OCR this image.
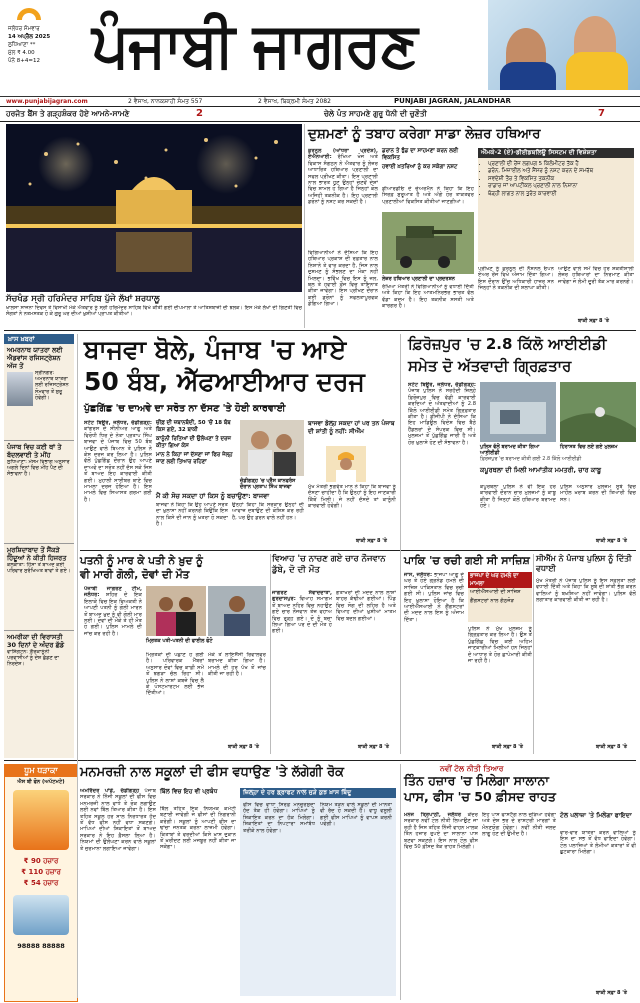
ਜਲੰਧਰ ਸੋਮਵਾਰ
14 ਅਪ੍ਰੈਲ 2025
ਲੁਧਿਆਣਾ **
ਮੁੱਲ ₹ 4.00
ਪੰਨੇ 8+4=12 ਪੰਜਾਬੀ ਜਾਗਰਣ
www.punjabijagran.com	2 ਵੈਸਾਖ, ਨਾਨਕਸ਼ਾਹੀ ਸੰਮਤ 557	2 ਵੈਸਾਖ, ਬਿਕ੍ਰਮੀ ਸੰਮਤ 2082	PUNJABI JAGRAN, JALANDHAR
ਹਰਜੋਤ ਬੈਂਸ ਤੇ ਗੜ੍ਹਸ਼ੰਕਰ ਹੋਏ ਆਮਨੇ-ਸਾਮਣੇ	2	ਚੇਲੇ ਪੰਤ ਸਾਹਮਣੇ ਗੁਰੂ ਧੋਨੀ ਦੀ ਚੁਣੌਤੀ	7
ਸੱਚਖੰਡ ਸ੍ਰੀ ਹਰਿਮੰਦਰ ਸਾਹਿਬ ਪੁੱਜੇ ਲੱਖਾਂ ਸ਼ਰਧਾਲੂ
ਖ਼ਾਲਸਾ ਸਾਜਨਾ ਦਿਵਸ ਤੇ ਵਿਸਾਖੀ ਮੌਕੇ ਐਤਵਾਰ ਨੂੰ ਸ੍ਰੀ ਹਰਿਮੰਦਰ ਸਾਹਿਬ ਵਿਖੇ ਕੀਤੀ ਗਈ ਦੀਪਮਾਲਾ ਤੇ ਆਤਿਸ਼ਬਾਜ਼ੀ ਦੀ ਝਲਕ। ਇਸ ਮੌਕੇ ਲੱਖਾਂ ਦੀ ਗਿਣਤੀ ਵਿਚ ਸੰਗਤਾਂ ਨੇ ਨਤਮਸਤਕ ਹੋ ਕੇ ਗੁਰੂ ਘਰ ਦੀਆਂ ਖ਼ੁਸ਼ੀਆਂ ਪ੍ਰਾਪਤ ਕੀਤੀਆਂ।
ਦੁਸ਼ਮਣਾਂ ਨੂੰ ਤਬਾਹ ਕਰੇਗਾ ਸਾਡਾ ਲੇਜ਼ਰ ਹਥਿਆਰ
ਕੁਰਨੂਲ (ਆਂਧਰਾ ਪ੍ਰਦੇਸ਼), ਏਐਨਆਈ: ਰੱਖਿਆ ਖੋਜ ਅਤੇ ਵਿਕਾਸ ਸੰਗਠਨ ਨੇ ਐਤਵਾਰ ਨੂੰ ਲੇਜ਼ਰ ਆਧਾਰਿਤ ਹਥਿਆਰ ਪ੍ਰਣਾਲੀ ਦਾ ਸਫਲ ਪ੍ਰੀਖਣ ਕੀਤਾ। ਇਸ ਪ੍ਰਣਾਲੀ ਨਾਲ ਭਾਰਤ ਹੁਣ ਉਨ੍ਹਾਂ ਚੋਣਵੇਂ ਦੇਸ਼ਾਂ ਵਿਚ ਸ਼ਾਮਲ ਹੋ ਗਿਆ ਹੈ ਜਿਨ੍ਹਾਂ ਕੋਲ ਅਜਿਹੀ ਤਕਨੀਕ ਹੈ। ਇਹ ਪ੍ਰਣਾਲੀ ਡਰੋਨਾਂ ਨੂੰ ਨਸ਼ਟ ਕਰ ਸਕਦੀ ਹੈ।
ਡਰਾਨ ਤੇ ਝੁੰਡ ਦਾ ਸਾਹਮਣਾ ਕਰਨ ਲਈ ਵਿਕਸਿਤ
ਹਵਾਈ ਖ਼ਤਰਿਆਂ ਨੂੰ ਕਰ ਸਕੇਗਾ ਨਸ਼ਟ
ਡੀਆਰਡੀਓ ਦੇ ਚੇਅਰਮੈਨ ਨੇ ਕਿਹਾ ਕਿ ਇਹ ਸਿਰਫ਼ ਸ਼ੁਰੂਆਤ ਹੈ ਅਤੇ ਅੱਗੇ ਹੋਰ ਤਾਕਤਵਰ ਪ੍ਰਣਾਲੀਆਂ ਵਿਕਸਿਤ ਕੀਤੀਆਂ ਜਾਣਗੀਆਂ।
ਲੇਜ਼ਰ ਹਥਿਆਰ ਪ੍ਰਣਾਲੀ ਦਾ ਪ੍ਰਦਰਸ਼ਨ
ਵਿਗਿਆਨੀਆਂ ਨੇ ਦੱਸਿਆ ਕਿ ਇਹ ਹਥਿਆਰ ਪ੍ਰਕਾਸ਼ ਦੀ ਰਫ਼ਤਾਰ ਨਾਲ ਨਿਸ਼ਾਨੇ ਤੇ ਵਾਰ ਕਰਦਾ ਹੈ, ਜਿਸ ਨਾਲ ਦੁਸ਼ਮਣ ਨੂੰ ਸੰਭਲਣ ਦਾ ਮੌਕਾ ਨਹੀਂ ਮਿਲਦਾ। ਭਵਿੱਖ ਵਿਚ ਇਸ ਨੂੰ ਜਲ, ਥਲ ਤੇ ਹਵਾਈ ਫ਼ੌਜ ਵਿਚ ਤਾਇਨਾਤ ਕੀਤਾ ਜਾਵੇਗਾ। ਇਸ ਪ੍ਰੀਖਣ ਦੌਰਾਨ ਕਈ ਡਰੋਨਾਂ ਨੂੰ ਸਫਲਤਾਪੂਰਵਕ ਡੇਗਿਆ ਗਿਆ।
ਰੱਖਿਆ ਮੰਤਰੀ ਨੇ ਵਿਗਿਆਨੀਆਂ ਨੂੰ ਵਧਾਈ ਦਿੱਤੀ ਅਤੇ ਕਿਹਾ ਕਿ ਇਹ ਆਤਮਨਿਰਭਰ ਭਾਰਤ ਵੱਲ ਵੱਡਾ ਕਦਮ ਹੈ। ਇਹ ਤਕਨੀਕ ਸਸਤੀ ਅਤੇ ਕਾਰਗਰ ਹੈ।
ਐੱਮਕੇ-2 (ਏ)-ਡੀਈਡਬਲਿਊ ਸਿਸਟਮ ਦੀ ਵਿਸ਼ੇਸ਼ਤਾ
• ਪ੍ਰਣਾਲੀ ਦੀ ਰੇਂਜ ਲਗਪਗ 5 ਕਿਲੋਮੀਟਰ ਤੱਕ ਹੈ
• ਡਰੋਨ, ਮਿਜ਼ਾਈਲ ਅਤੇ ਸੈਂਸਰ ਨੂੰ ਨਸ਼ਟ ਕਰਨ ਦੇ ਸਮਰੱਥ
• ਸਵਦੇਸ਼ੀ ਤੌਰ ਤੇ ਵਿਕਸਿਤ ਤਕਨੀਕ
• ਰਾਡਾਰ ਜਾਂ ਆਪਟੀਕਲ ਪ੍ਰਣਾਲੀ ਨਾਲ ਨਿਸ਼ਾਨਾ
• ਥੋੜ੍ਹੀ ਲਾਗਤ ਨਾਲ ਤੁਰੰਤ ਕਾਰਵਾਈ
ਪ੍ਰੀਖਣ ਨੂੰ ਕੁਰਨੂਲ ਦੀ ਨੈਸ਼ਨਲ ਓਪਨ ਏਅਰ ਰੇਂਜ ਵਿਖੇ ਅੰਜਾਮ ਦਿੱਤਾ ਗਿਆ। ਇਸ ਦੌਰਾਨ ਉੱਚ ਅਧਿਕਾਰੀ ਹਾਜ਼ਰ ਸਨ ਜਿਨ੍ਹਾਂ ਨੇ ਤਕਨੀਕ ਦੀ ਸ਼ਲਾਘਾ ਕੀਤੀ।
ਆਉਣ ਵਾਲੇ ਸਮੇਂ ਵਿਚ ਹੋਰ ਸ਼ਕਤੀਸ਼ਾਲੀ ਲੇਜ਼ਰ ਹਥਿਆਰਾਂ ਦਾ ਨਿਰਮਾਣ ਕੀਤਾ ਜਾਵੇਗਾ ਜੋ ਲੰਮੀ ਦੂਰੀ ਤੱਕ ਮਾਰ ਕਰਨਗੇ।
ਬਾਕੀ ਸਫ਼ਾ 8 'ਤੇ
ਖ਼ਾਸ ਖ਼ਬਰਾਂ
ਅਮਰਨਾਥ ਯਾਤਰਾ ਲਈ ਐਡਵਾਂਸ ਰਜਿਸਟ੍ਰੇਸ਼ਨ ਅੱਜ ਤੋਂ
ਸ੍ਰੀਨਗਰ: ਅਮਰਨਾਥ ਯਾਤਰਾ ਲਈ ਰਜਿਸਟ੍ਰੇਸ਼ਨ ਸੋਮਵਾਰ ਤੋਂ ਸ਼ੁਰੂ ਹੋਵੇਗੀ।
ਪੰਜਾਬ ਵਿਚ ਕਈ ਥਾਂ ਤੇ ਬੱਦਲਵਾਈ ਤੇ ਮੀਂਹ
ਲੁਧਿਆਣਾ: ਮੌਸਮ ਵਿਭਾਗ ਅਨੁਸਾਰ ਅਗਲੇ ਦਿਨਾਂ ਵਿਚ ਮੀਂਹ ਪੈਣ ਦੀ ਸੰਭਾਵਨਾ ਹੈ।
ਮੁਰਸ਼ਿਦਾਬਾਦ ਤੋਂ ਸੈਂਕੜੇ ਹਿੰਦੂਆਂ ਨੇ ਕੀਤੀ ਹਿਜਰਤ
ਕੋਲਕਾਤਾ: ਹਿੰਸਾ ਤੋਂ ਬਾਅਦ ਕਈ ਪਰਿਵਾਰ ਸੁਰੱਖਿਅਤ ਥਾਵਾਂ ਤੇ ਗਏ।
ਅਮਰੀਕਾ ਦੀ ਵਿਰਾਸਤੀ 30 ਦਿਨਾਂ ਦੇ ਅੰਦਰ ਛੱਡੋ
ਵਾਸ਼ਿੰਗਟਨ: ਗ਼ੈਰਕਾਨੂੰਨੀ ਪਰਵਾਸੀਆਂ ਨੂੰ ਦੇਸ਼ ਛੱਡਣ ਦਾ ਨਿਰਦੇਸ਼।
ਬਾਜਵਾ ਬੋਲੇ, ਪੰਜਾਬ 'ਚ ਆਏ
50 ਬੰਬ, ਐੱਫਆਈਆਰ ਦਰਜ
ਪੁੱਛਗਿੱਛ 'ਚ ਦਾਅਵੇ ਦਾ ਸਰੋਤ ਨਾ ਦੱਸਣ 'ਤੇ ਹੋਈ ਕਾਰਵਾਈ
ਸਟੇਟ ਬਿਊਰੋ, ਜਲੰਧਰ, ਚੰਡੀਗੜ੍ਹ: ਕਾਂਗਰਸ ਦੇ ਸੀਨੀਅਰ ਆਗੂ ਅਤੇ ਵਿਰੋਧੀ ਧਿਰ ਦੇ ਨੇਤਾ ਪ੍ਰਤਾਪ ਸਿੰਘ ਬਾਜਵਾ ਦੇ ਪੰਜਾਬ ਵਿਚ 50 ਬੰਬ ਆਉਣ ਵਾਲੇ ਬਿਆਨ ਤੇ ਪੁਲਿਸ ਨੇ ਕੇਸ ਦਰਜ ਕਰ ਲਿਆ ਹੈ। ਪੁਲਿਸ ਵੱਲੋਂ ਪੁੱਛਗਿੱਛ ਦੌਰਾਨ ਉਹ ਆਪਣੇ ਦਾਅਵੇ ਦਾ ਸਰੋਤ ਨਹੀਂ ਦੱਸ ਸਕੇ ਜਿਸ ਤੋਂ ਬਾਅਦ ਇਹ ਕਾਰਵਾਈ ਕੀਤੀ ਗਈ। ਮੁਹਾਲੀ ਸਾਈਬਰ ਥਾਣੇ ਵਿਚ ਮਾਮਲਾ ਦਰਜ ਹੋਇਆ ਹੈ। ਇਸ ਮਾਮਲੇ ਵਿਚ ਸਿਆਸਤ ਗਰਮਾ ਗਈ ਹੈ।
ਚੀਫ਼ ਦੀ ਜ਼ਬਾਨਬੰਦੀ, 50 'ਚੋਂ 18 ਬੰਬ ਕਿਸ ਗਏ, 32 ਬਾਕੀ
ਕਾਨੂੰਨੀ ਰਿਤਿਆਂ ਦੀ ਉਲੰਘਣਾ ਤੇ ਦਰਜ ਕੀਤਾ ਗਿਆ ਕੇਸ
ਮਾਨ ਨੇ ਕਿਹਾ ਜਾਂ ਦੱਸਣਾ ਜਾਂ ਫਿਰ ਜੇਲ੍ਹ ਜਾਣ ਲਈ ਤਿਆਰ ਰਹਿਣਾ
ਚੰਡੀਗੜ੍ਹ 'ਚ ਪ੍ਰੈੱਸ ਕਾਨਫਰੰਸ ਦੌਰਾਨ ਪ੍ਰਤਾਪ ਸਿੰਘ ਬਾਜਵਾ
ਮੈਂ ਕੀ ਸੋਚ ਸਕਦਾ ਹਾਂ ਕਿਸ ਨੂੰ ਬਚਾਉਣਾ: ਬਾਜਵਾ
ਬਾਜਵਾ ਨੇ ਕਿਹਾ ਕਿ ਉਹ ਆਪਣੇ ਸਰੋਤ ਦਾ ਖ਼ੁਲਾਸਾ ਨਹੀਂ ਕਰਨਗੇ ਕਿਉਂਕਿ ਇਸ ਨਾਲ ਕਿਸੇ ਦੀ ਜਾਨ ਨੂੰ ਖ਼ਤਰਾ ਹੋ ਸਕਦਾ ਹੈ।
ਉਨ੍ਹਾਂ ਕਿਹਾ ਕਿ ਸਰਕਾਰ ਉਨ੍ਹਾਂ ਦੀ ਆਵਾਜ਼ ਦਬਾਉਣ ਦੀ ਕੋਸ਼ਿਸ਼ ਕਰ ਰਹੀ ਹੈ, ਪਰ ਉਹ ਡਰਨ ਵਾਲੇ ਨਹੀਂ ਹਨ।
ਬਾਜਵਾ ਡੋਲ੍ਹ ਸਕਦਾ ਹਾਂ ਪਰ ਤਨ ਪੰਜਾਬ ਦੀ ਸ਼ਾਂਤੀ ਨੂੰ ਨਹੀਂ: ਸੀਐੱਮ
ਮੁੱਖ ਮੰਤਰੀ ਭਗਵੰਤ ਮਾਨ ਨੇ ਕਿਹਾ ਕਿ ਬਾਜਵਾ ਨੂੰ ਦੱਸਣਾ ਚਾਹੀਦਾ ਹੈ ਕਿ ਉਨ੍ਹਾਂ ਨੂੰ ਇਹ ਜਾਣਕਾਰੀ ਕਿੱਥੋਂ ਮਿਲੀ। ਜੇ ਨਹੀਂ ਦੱਸਦੇ ਤਾਂ ਕਾਨੂੰਨੀ ਕਾਰਵਾਈ ਹੋਵੇਗੀ।
ਬਾਕੀ ਸਫ਼ਾ 8 'ਤੇ
ਫ਼ਿਰੋਜ਼ਪੁਰ 'ਚ 2.8 ਕਿੱਲੋ ਆਈਈਡੀ
ਸਮੇਤ ਦੋ ਅੱਤਵਾਦੀ ਗ੍ਰਿਫ਼ਤਾਰ
ਸਟੇਟ ਬਿਊਰੋ, ਜਲੰਧਰ, ਚੰਡੀਗੜ੍ਹ: ਪੰਜਾਬ ਪੁਲਿਸ ਨੇ ਸਰਹੱਦੀ ਜ਼ਿਲ੍ਹੇ ਫ਼ਿਰੋਜ਼ਪੁਰ ਵਿਚ ਵੱਡੀ ਕਾਰਵਾਈ ਕਰਦਿਆਂ ਦੋ ਅੱਤਵਾਦੀਆਂ ਨੂੰ 2.8 ਕਿੱਲੋ ਆਈਈਡੀ ਸਮੇਤ ਗ੍ਰਿਫ਼ਤਾਰ ਕੀਤਾ ਹੈ। ਡੀਜੀਪੀ ਨੇ ਦੱਸਿਆ ਕਿ ਇਹ ਮਾਡਿਊਲ ਵਿਦੇਸ਼ ਵਿਚ ਬੈਠੇ ਹੈਂਡਲਰਾਂ ਦੇ ਸੰਪਰਕ ਵਿਚ ਸੀ। ਮੁਲਜ਼ਮਾਂ ਤੋਂ ਪੁੱਛਗਿੱਛ ਜਾਰੀ ਹੈ ਅਤੇ ਹੋਰ ਖ਼ੁਲਾਸੇ ਹੋਣ ਦੀ ਸੰਭਾਵਨਾ ਹੈ।
ਪੁਲਿਸ ਵੱਲੋਂ ਬਰਾਮਦ ਕੀਤਾ ਗਿਆ ਆਈਈਡੀ
ਹਿਰਾਸਤ ਵਿਚ ਲਏ ਗਏ ਮੁਲਜ਼ਮ
ਫ਼ਿਰੋਜ਼ਪੁਰ 'ਚ ਬਰਾਮਦ ਕੀਤੀ ਗਈ 2.8 ਕਿੱਲੋ ਆਈਈਡੀ
ਕਪੂਰਥਲਾ ਦੀ ਮਿਲੀ ਆਮਾਂਤੀਕ ਮਮਤਰੀ, ਚਾਰ ਕਾਬੂ
ਕਪੂਰਥਲਾ ਪੁਲਿਸ ਨੇ ਵੀ ਇਕ ਹੋਰ ਕਾਰਵਾਈ ਦੌਰਾਨ ਚਾਰ ਮੁਲਜ਼ਮਾਂ ਨੂੰ ਕਾਬੂ ਕੀਤਾ ਹੈ ਜਿਨ੍ਹਾਂ ਕੋਲੋਂ ਹਥਿਆਰ ਬਰਾਮਦ ਹੋਏ।
ਪੁਲਿਸ ਅਨੁਸਾਰ ਮੁਲਜ਼ਮ ਸੂਬੇ ਵਿਚ ਮਾਹੌਲ ਖ਼ਰਾਬ ਕਰਨ ਦੀ ਤਿਆਰੀ ਵਿਚ ਸਨ।
ਬਾਕੀ ਸਫ਼ਾ 8 'ਤੇ
ਪਤਨੀ ਨੂੰ ਮਾਰ ਕੇ ਪਤੀ ਨੇ ਖ਼ੁਦ ਨੂੰ
ਵੀ ਮਾਰੀ ਗੋਲੀ, ਦੋਵਾਂ ਦੀ ਮੌਤ
ਪੰਜਾਬੀ ਜਾਗਰਣ ਟੀਮ, ਜਲੰਧਰ: ਸ਼ਹਿਰ ਦੇ ਇਕ ਇਲਾਕੇ ਵਿਚ ਇਕ ਵਿਅਕਤੀ ਨੇ ਆਪਣੀ ਪਤਨੀ ਨੂੰ ਗੋਲੀ ਮਾਰਨ ਤੋਂ ਬਾਅਦ ਖ਼ੁਦ ਨੂੰ ਵੀ ਗੋਲੀ ਮਾਰ ਲਈ। ਦੋਵਾਂ ਦੀ ਮੌਕੇ ਤੇ ਹੀ ਮੌਤ ਹੋ ਗਈ। ਪੁਲਿਸ ਮਾਮਲੇ ਦੀ ਜਾਂਚ ਕਰ ਰਹੀ ਹੈ।
ਮ੍ਰਿਤਕ ਪਤੀ-ਪਤਨੀ ਦੀ ਫਾਈਲ ਫੋਟੋ
ਮ੍ਰਿਤਕਾਂ ਦੀ ਪਛਾਣ ਹੋ ਗਈ ਹੈ। ਪਰਿਵਾਰਕ ਮੈਂਬਰਾਂ ਅਨੁਸਾਰ ਦੋਵਾਂ ਵਿਚ ਕਾਫ਼ੀ ਸਮੇਂ ਤੋਂ ਝਗੜਾ ਚੱਲ ਰਿਹਾ ਸੀ। ਪੁਲਿਸ ਨੇ ਲਾਸ਼ਾਂ ਕਬਜ਼ੇ ਵਿਚ ਲੈ ਕੇ ਪੋਸਟਮਾਰਟਮ ਲਈ ਭੇਜ ਦਿੱਤੀਆਂ।
ਮੌਕੇ ਤੋਂ ਲਾਇਸੈਂਸੀ ਰਿਵਾਲਵਰ ਬਰਾਮਦ ਕੀਤਾ ਗਿਆ ਹੈ। ਮਾਮਲੇ ਦੀ ਹਰ ਪੱਖ ਤੋਂ ਜਾਂਚ ਕੀਤੀ ਜਾ ਰਹੀ ਹੈ।
ਬਾਕੀ ਸਫ਼ਾ 8 'ਤੇ
ਵਿਆਹ 'ਚ ਨਾਚਣ ਗਏ ਚਾਰ ਨੌਜਵਾਨ ਡੁੱਬੇ, ਦੋ ਦੀ ਮੌਤ
ਜਾਗਰਣ ਸੰਵਾਦਦਾਤਾ, ਗੁਰਦਾਸਪੁਰ: ਵਿਆਹ ਸਮਾਗਮ ਤੋਂ ਬਾਅਦ ਨਹਿਰ ਵਿਚ ਨਹਾਉਣ ਗਏ ਚਾਰ ਨੌਜਵਾਨ ਤੇਜ਼ ਵਹਾਅ ਵਿਚ ਰੁੜ੍ਹ ਗਏ। ਦੋ ਨੂੰ ਬਚਾ ਲਿਆ ਗਿਆ ਪਰ ਦੋ ਦੀ ਮੌਤ ਹੋ ਗਈ।
ਗੋਤਾਖੋਰਾਂ ਦੀ ਮਦਦ ਨਾਲ ਲਾਸ਼ਾਂ ਬਾਹਰ ਕੱਢੀਆਂ ਗਈਆਂ। ਪਿੰਡ ਵਿਚ ਸੋਗ ਦੀ ਲਹਿਰ ਹੈ ਅਤੇ ਵਿਆਹ ਦੀਆਂ ਖ਼ੁਸ਼ੀਆਂ ਮਾਤਮ ਵਿਚ ਬਦਲ ਗਈਆਂ।
ਬਾਕੀ ਸਫ਼ਾ 8 'ਤੇ
ਪਾਕਿ 'ਚ ਰਚੀ ਗਈ ਸੀ ਸਾਜ਼ਿਸ਼
ਜਾਸ, ਜਲੰਧਰ: ਭਾਜਪਾ ਆਗੂ ਦੇ ਘਰ ਤੇ ਹੋਏ ਗ੍ਰਨੇਡ ਹਮਲੇ ਦੀ ਸਾਜ਼ਿਸ਼ ਪਾਕਿਸਤਾਨ ਵਿਚ ਰਚੀ ਗਈ ਸੀ। ਪੁਲਿਸ ਜਾਂਚ ਵਿਚ ਇਹ ਖ਼ੁਲਾਸਾ ਹੋਇਆ ਹੈ ਕਿ ਆਈਐੱਸਆਈ ਨੇ ਗੈਂਗਸਟਰਾਂ ਦੀ ਮਦਦ ਨਾਲ ਇਸ ਨੂੰ ਅੰਜਾਮ ਦਿੱਤਾ।
ਭਾਜਪਾ ਦੇ ਘਰ ਹਮਲੇ ਦਾ ਮਾਮਲਾ
ਆਈਐੱਸਆਈ ਦੀ ਸਾਜ਼ਿਸ਼
ਗੈਂਗਸਟਰਾਂ ਨਾਲ ਗੱਠਜੋੜ
ਪੁਲਿਸ ਨੇ ਮੁੱਖ ਮੁਲਜ਼ਮ ਨੂੰ ਗ੍ਰਿਫ਼ਤਾਰ ਕਰ ਲਿਆ ਹੈ। ਉਸ ਤੋਂ ਪੁੱਛਗਿੱਛ ਵਿਚ ਕਈ ਅਹਿਮ ਜਾਣਕਾਰੀਆਂ ਮਿਲੀਆਂ ਹਨ ਜਿਨ੍ਹਾਂ ਦੇ ਆਧਾਰ ਤੇ ਹੋਰ ਛਾਪੇਮਾਰੀ ਕੀਤੀ ਜਾ ਰਹੀ ਹੈ।
ਬਾਕੀ ਸਫ਼ਾ 8 'ਤੇ
ਸੀਐੱਮ ਨੇ ਪੰਜਾਬ ਪੁਲਿਸ ਨੂੰ ਦਿੱਤੀ ਵਧਾਈ
ਮੁੱਖ ਮੰਤਰੀ ਨੇ ਪੰਜਾਬ ਪੁਲਿਸ ਨੂੰ ਇਸ ਸਫ਼ਲਤਾ ਲਈ ਵਧਾਈ ਦਿੱਤੀ ਅਤੇ ਕਿਹਾ ਕਿ ਸੂਬੇ ਦੀ ਸ਼ਾਂਤੀ ਭੰਗ ਕਰਨ ਵਾਲਿਆਂ ਨੂੰ ਬਖ਼ਸ਼ਿਆ ਨਹੀਂ ਜਾਵੇਗਾ। ਪੁਲਿਸ ਵੱਲੋਂ ਲਗਾਤਾਰ ਕਾਰਵਾਈ ਕੀਤੀ ਜਾ ਰਹੀ ਹੈ।
ਬਾਕੀ ਸਫ਼ਾ 8 'ਤੇ
ਮਨਮਰਜ਼ੀ ਨਾਲ ਸਕੂਲਾਂ ਦੀ ਫੀਸ ਵਧਾਉਣ 'ਤੇ ਲੱਗੇਗੀ ਰੋਕ
ਅਮਰਿੰਦਰ ਪਾਂਡੇ, ਚੰਡੀਗੜ੍ਹ ਪੰਜਾਬ ਸਰਕਾਰ ਨੇ ਨਿੱਜੀ ਸਕੂਲਾਂ ਦੀ ਫੀਸ ਵਿਚ ਮਨਮਰਜ਼ੀ ਨਾਲ ਵਾਧੇ ਤੇ ਰੋਕ ਲਗਾਉਣ ਲਈ ਨਵਾਂ ਬਿੱਲ ਤਿਆਰ ਕੀਤਾ ਹੈ। ਇਸ ਤਹਿਤ ਸਕੂਲ ਹਰ ਸਾਲ ਨਿਰਧਾਰਤ ਹੱਦ ਤੋਂ ਵੱਧ ਫੀਸ ਨਹੀਂ ਵਧਾ ਸਕਣਗੇ। ਮਾਪਿਆਂ ਦੀਆਂ ਸ਼ਿਕਾਇਤਾਂ ਤੋਂ ਬਾਅਦ ਸਰਕਾਰ ਨੇ ਇਹ ਫ਼ੈਸਲਾ ਲਿਆ ਹੈ। ਨਿਯਮਾਂ ਦੀ ਉਲੰਘਣਾ ਕਰਨ ਵਾਲੇ ਸਕੂਲਾਂ ਤੇ ਜੁਰਮਾਨਾ ਲਗਾਇਆ ਜਾਵੇਗਾ।
ਬਿੱਲ ਵਿਚ ਇਹ ਵੀ ਪ੍ਰਬੰਧ
ਬਿੱਲ ਤਹਿਤ ਇਕ ਨਿਯਮਕ ਕਮੇਟੀ ਬਣਾਈ ਜਾਵੇਗੀ ਜੋ ਫੀਸਾਂ ਦੀ ਨਿਗਰਾਨੀ ਕਰੇਗੀ। ਸਕੂਲਾਂ ਨੂੰ ਆਪਣੀ ਫੀਸ ਦਾ ਢਾਂਚਾ ਜਨਤਕ ਕਰਨਾ ਲਾਜ਼ਮੀ ਹੋਵੇਗਾ। ਕਿਤਾਬਾਂ ਤੇ ਵਰਦੀਆਂ ਕਿਸੇ ਖ਼ਾਸ ਦੁਕਾਨ ਤੋਂ ਖ਼ਰੀਦਣ ਲਈ ਮਜਬੂਰ ਨਹੀਂ ਕੀਤਾ ਜਾ ਸਕੇਗਾ।
ਜ਼ਿਲ੍ਹਾ ਦੇ ਹਰ ਡ੍ਰਾਫਟ ਨਾਲ ਜੁੜੇ ਕੁਝ ਖ਼ਾਸ ਬਿੰਦੂ
ਫੀਸ ਵਿਚ ਵਾਧਾ ਸਿਰਫ਼ ਮਨਜ਼ੂਰਸ਼ੁਦਾ ਹੱਦ ਤੱਕ ਹੀ ਹੋਵੇਗਾ। ਮਾਪਿਆਂ ਨੂੰ ਸ਼ਿਕਾਇਤ ਕਰਨ ਦਾ ਹੱਕ ਮਿਲੇਗਾ। ਸ਼ਿਕਾਇਤਾਂ ਦਾ ਨਿਪਟਾਰਾ ਸਮਾਂਬੱਧ ਤਰੀਕੇ ਨਾਲ ਹੋਵੇਗਾ।
ਨਿਯਮ ਤੋੜਨ ਵਾਲੇ ਸਕੂਲਾਂ ਦੀ ਮਾਨਤਾ ਵੀ ਰੱਦ ਹੋ ਸਕਦੀ ਹੈ। ਵਾਧੂ ਵਸੂਲੀ ਗਈ ਫੀਸ ਮਾਪਿਆਂ ਨੂੰ ਵਾਪਸ ਕਰਨੀ ਪਵੇਗੀ।
ਨਵੀਂ ਟੋਲ ਨੀਤੀ ਤਿਆਰ
ਤਿੰਨ ਹਜ਼ਾਰ 'ਚ ਮਿਲੇਗਾ ਸਾਲਾਨਾ
ਪਾਸ, ਫੀਸ 'ਚ 50 ਫ਼ੀਸਦ ਰਾਹਤ
ਮਨੋਜ ਤ੍ਰਿਪਾਠੀ, ਜਲੰਧਰ ਕੇਂਦਰ ਸਰਕਾਰ ਨਵੀਂ ਟੋਲ ਨੀਤੀ ਲਿਆਉਣ ਜਾ ਰਹੀ ਹੈ ਜਿਸ ਤਹਿਤ ਨਿੱਜੀ ਵਾਹਨ ਮਾਲਕ ਤਿੰਨ ਹਜ਼ਾਰ ਰੁਪਏ ਦਾ ਸਾਲਾਨਾ ਪਾਸ ਬਣਵਾ ਸਕਣਗੇ। ਇਸ ਨਾਲ ਟੋਲ ਫੀਸ ਵਿਚ 50 ਫ਼ੀਸਦ ਤੱਕ ਰਾਹਤ ਮਿਲੇਗੀ।
ਇਹ ਪਾਸ ਫਾਸਟੈਗ ਨਾਲ ਜੁੜਿਆ ਹੋਵੇਗਾ ਅਤੇ ਦੇਸ਼ ਭਰ ਦੇ ਰਾਸ਼ਟਰੀ ਮਾਰਗਾਂ ਤੇ ਮੰਨਣਯੋਗ ਹੋਵੇਗਾ। ਨਵੀਂ ਨੀਤੀ ਜਲਦ ਲਾਗੂ ਹੋਣ ਦੀ ਉਮੀਦ ਹੈ।
ਟੋਲ ਪਲਾਜ਼ਾ 'ਤੇ ਮਿਲੇਗਾ ਫਾਇਦਾ
ਵਾਰ-ਵਾਰ ਯਾਤਰਾ ਕਰਨ ਵਾਲਿਆਂ ਨੂੰ ਇਸ ਦਾ ਸਭ ਤੋਂ ਵੱਧ ਫਾਇਦਾ ਹੋਵੇਗਾ। ਟੋਲ ਪਲਾਜ਼ਿਆਂ ਤੇ ਲੰਮੀਆਂ ਕਤਾਰਾਂ ਤੋਂ ਵੀ ਛੁਟਕਾਰਾ ਮਿਲੇਗਾ।
ਬਾਕੀ ਸਫ਼ਾ 8 'ਤੇ
ਧੂਮ ਧੜਾਕਾ
ਐਸ ਬੀ ਫੋਨ (ਅਪੱਟਮਟੇ)
₹ 90 ਹਜ਼ਾਰ
₹ 110 ਹਜ਼ਾਰ
₹ 54 ਹਜ਼ਾਰ
98888 88888
